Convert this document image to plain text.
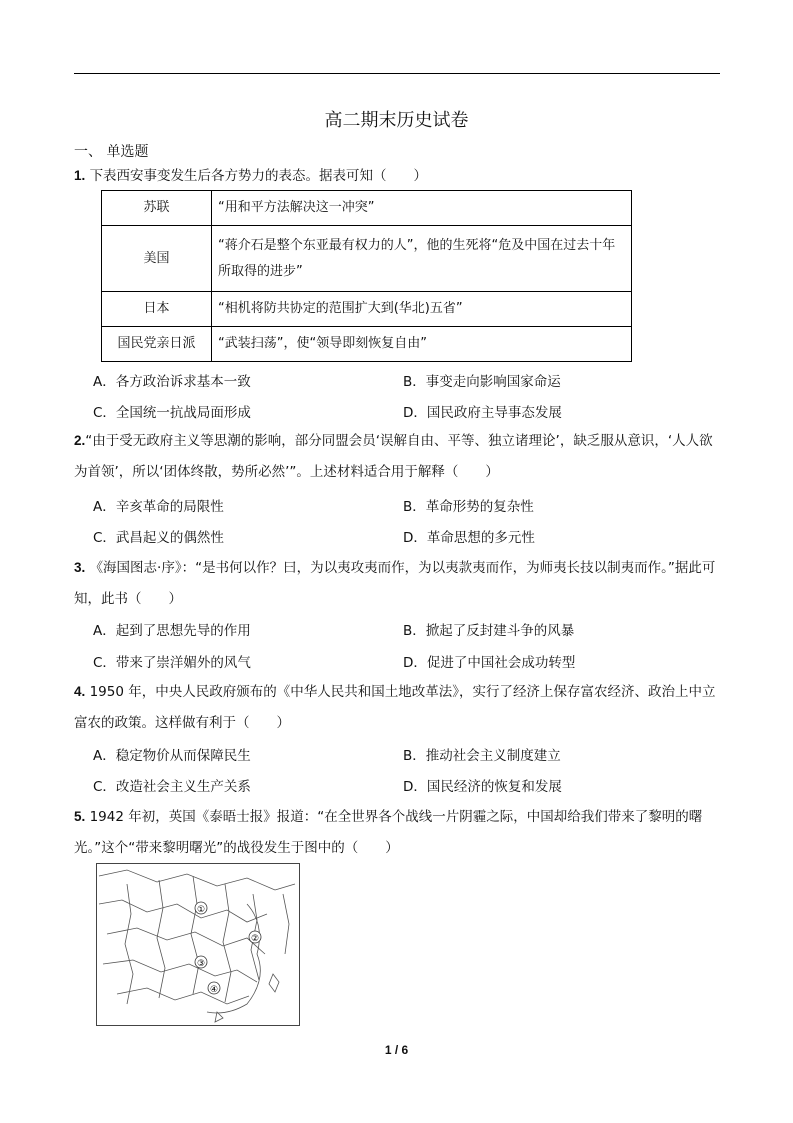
高二期末历史试卷
一、 单选题
1. 下表西安事变发生后各方势力的表态。据表可知（　　）
苏联	“用和平方法解决这一冲突”
美国	“蒋介石是整个东亚最有权力的人”，他的生死将“危及中国在过去十年所取得的进步”
日本	“相机将防共协定的范围扩大到(华北)五省”
国民党亲日派	“武装扫荡”，使“领导即刻恢复自由”
A．各方政治诉求基本一致	B．事变走向影响国家命运
C．全国统一抗战局面形成	D．国民政府主导事态发展
2.“由于受无政府主义等思潮的影响，部分同盟会员‘误解自由、平等、独立诸理论’，缺乏服从意识，‘人人欲为首领’，所以‘团体终散，势所必然’”。上述材料适合用于解释（　　）
A．辛亥革命的局限性	B．革命形势的复杂性
C．武昌起义的偶然性	D．革命思想的多元性
3. 《海国图志·序》：“是书何以作？曰，为以夷攻夷而作，为以夷款夷而作，为师夷长技以制夷而作。”据此可知，此书（　　）
A．起到了思想先导的作用	B．掀起了反封建斗争的风暴
C．带来了崇洋媚外的风气	D．促进了中国社会成功转型
4. 1950 年，中央人民政府颁布的《中华人民共和国土地改革法》，实行了经济上保存富农经济、政治上中立富农的政策。这样做有利于（　　）
A．稳定物价从而保障民生	B．推动社会主义制度建立
C．改造社会主义生产关系	D．国民经济的恢复和发展
5. 1942 年初，英国《泰晤士报》报道：“在全世界各个战线一片阴霾之际，中国却给我们带来了黎明的曙光。”这个“带来黎明曙光”的战役发生于图中的（　　）
①
②
③
④
1 / 6
